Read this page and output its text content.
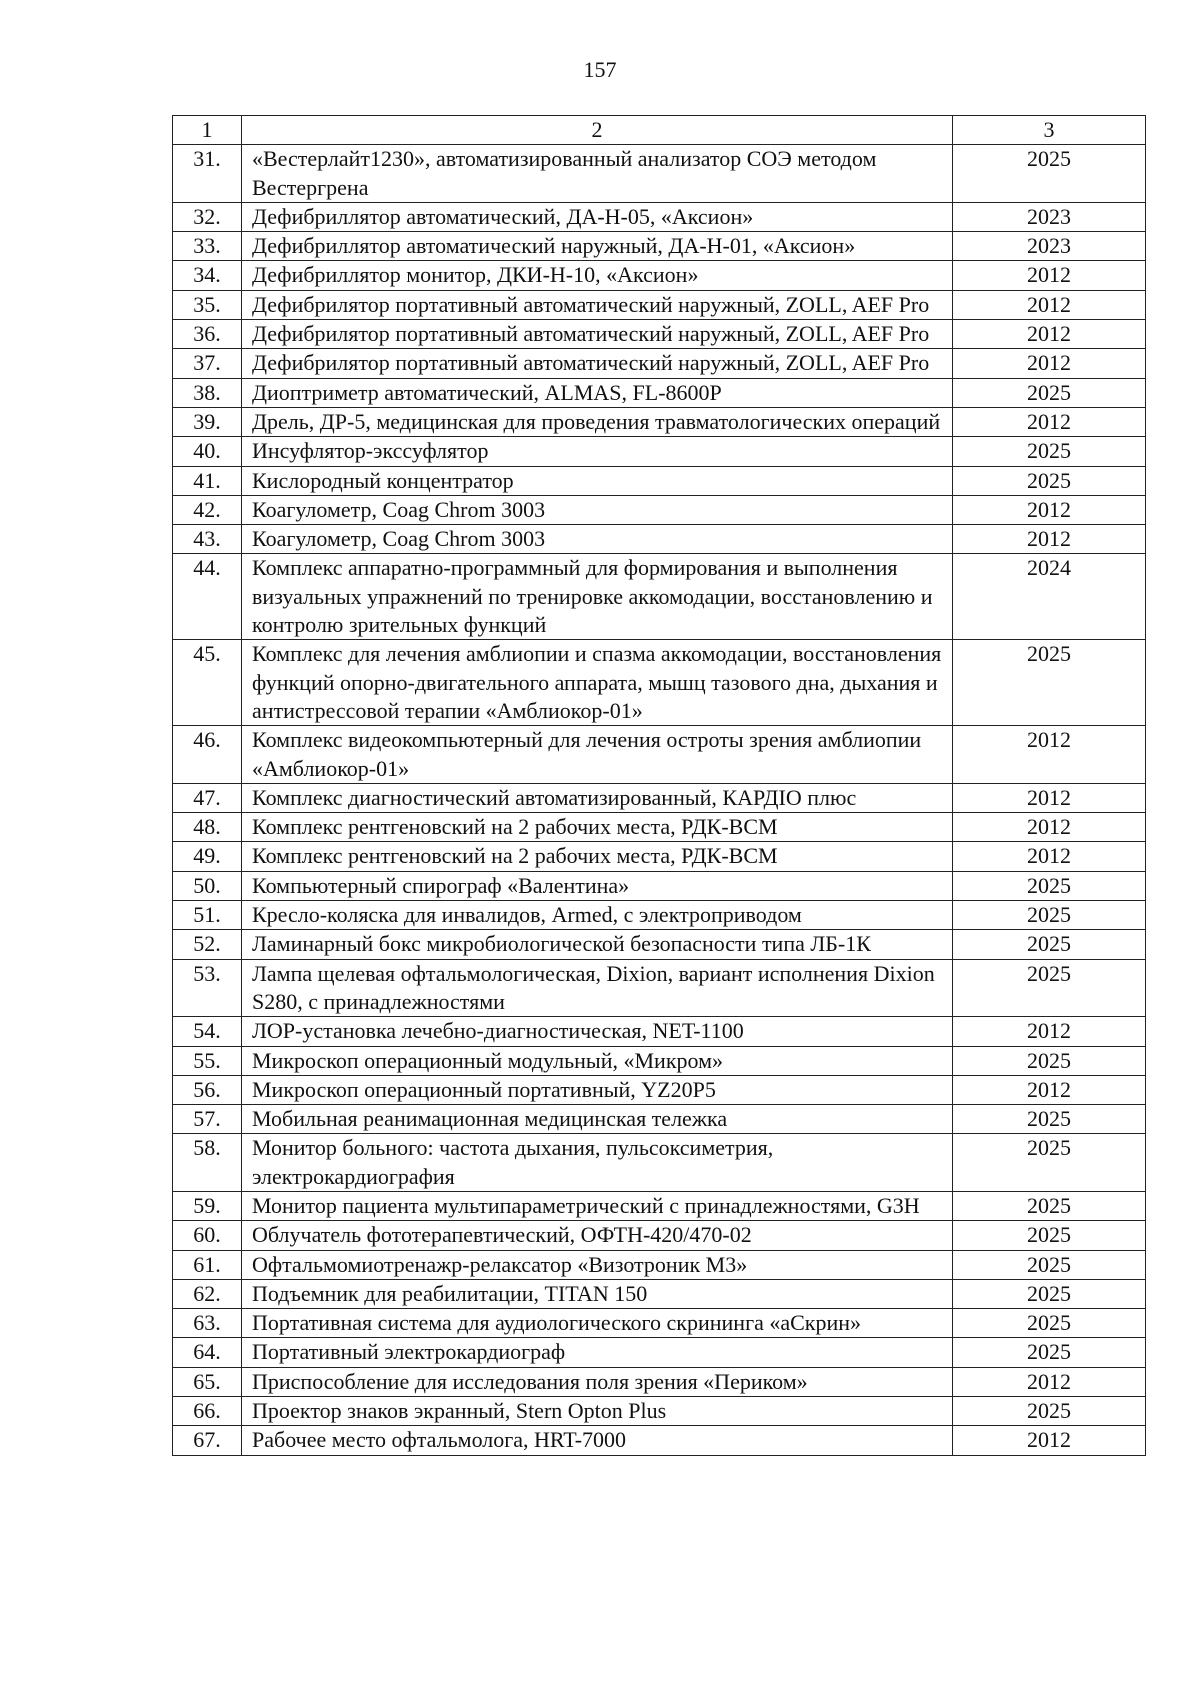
157
1	2	3
31.	«Вестерлайт1230», автоматизированный анализатор СОЭ методом Вестергрена	2025
32.	Дефибриллятор автоматический, ДА-Н-05, «Аксион»	2023
33.	Дефибриллятор автоматический наружный, ДА-Н-01, «Аксион»	2023
34.	Дефибриллятор монитор, ДКИ-Н-10, «Аксион»	2012
35.	Дефибрилятор портативный автоматический наружный, ZOLL, AEF Pro	2012
36.	Дефибрилятор портативный автоматический наружный, ZOLL, AEF Pro	2012
37.	Дефибрилятор портативный автоматический наружный, ZOLL, AEF Pro	2012
38.	Диоптриметр автоматический, ALMAS, FL-8600P	2025
39.	Дрель, ДР-5, медицинская для проведения травматологических операций	2012
40.	Инсуфлятор-экссуфлятор	2025
41.	Кислородный концентратор	2025
42.	Коагулометр, Coag Chrom 3003	2012
43.	Коагулометр, Coag Chrom 3003	2012
44.	Комплекс аппаратно-программный для формирования и выполнения визуальных упражнений по тренировке аккомодации, восстановлению и контролю зрительных функций	2024
45.	Комплекс для лечения амблиопии и спазма аккомодации, восстановления функций опорно-двигательного аппарата, мышц тазового дна, дыхания и антистрессовой терапии «Амблиокор-01»	2025
46.	Комплекс видеокомпьютерный для лечения остроты зрения амблиопии «Амблиокор-01»	2012
47.	Комплекс диагностический автоматизированный, КАРДIО плюс	2012
48.	Комплекс рентгеновский на 2 рабочих места, РДК-ВСМ	2012
49.	Комплекс рентгеновский на 2 рабочих места, РДК-ВСМ	2012
50.	Компьютерный спирограф «Валентина»	2025
51.	Кресло-коляска для инвалидов, Armed, с электроприводом	2025
52.	Ламинарный бокс микробиологической безопасности типа ЛБ-1К	2025
53.	Лампа щелевая офтальмологическая, Dixion, вариант исполнения Dixion S280, с принадлежностями	2025
54.	ЛОР-установка лечебно-диагностическая, NET-1100	2012
55.	Микроскоп операционный модульный, «Микром»	2025
56.	Микроскоп операционный портативный, YZ20P5	2012
57.	Мобильная реанимационная медицинская тележка	2025
58.	Монитор больного: частота дыхания, пульсоксиметрия, электрокардиография	2025
59.	Монитор пациента мультипараметрический с принадлежностями, G3H	2025
60.	Облучатель фототерапевтический, ОФТН-420/470-02	2025
61.	Офтальмомиотренажр-релаксатор «Визотроник М3»	2025
62.	Подъемник для реабилитации, TITAN 150	2025
63.	Портативная система для аудиологического скрининга «аСкрин»	2025
64.	Портативный электрокардиограф	2025
65.	Приспособление для исследования поля зрения «Периком»	2012
66.	Проектор знаков экранный, Stern Opton Plus	2025
67.	Рабочее место офтальмолога, HRT-7000	2012
